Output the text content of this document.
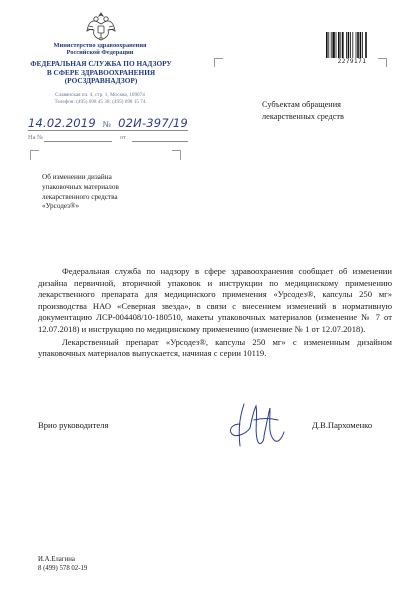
Министерство здравоохранения
Российской Федерации
ФЕДЕРАЛЬНАЯ СЛУЖБА ПО НАДЗОРУ
В СФЕРЕ ЗДРАВООХРАНЕНИЯ
(РОСЗДРАВНАДЗОР)
Славянская пл. 4, стр. 1, Москва, 109074
Телефон: (495) 698 45 38; (495) 698 15 74
14.02.2019 № 02И-397/19
На №	от
2279171
Субъектам обращения
лекарственных средств
Об изменении дизайна
упаковочных материалов
лекарственного средства
«Урсодез®»

Федеральная служба по надзору в сфере здравоохранения сообщает об изменении дизайна первичной, вторичной упаковок и инструкции по медицинскому применению лекарственного препарата для медицинского применения «Урсодез®, капсулы 250 мг» производства НАО «Северная звезда», в связи с внесением изменений в нормативную документацию ЛСР-004408/10-180510, макеты упаковочных материалов (изменение № 7 от 12.07.2018) и инструкцию по медицинскому применению (изменение № 1 от 12.07.2018).

Лекарственный препарат «Урсодез®, капсулы 250 мг» с измененным дизайном упаковочных материалов выпускается, начиная с серии 10119.

Врио руководителя	Д.В.Пархоменко
И.А.Елагина
8 (499) 578 02-19
